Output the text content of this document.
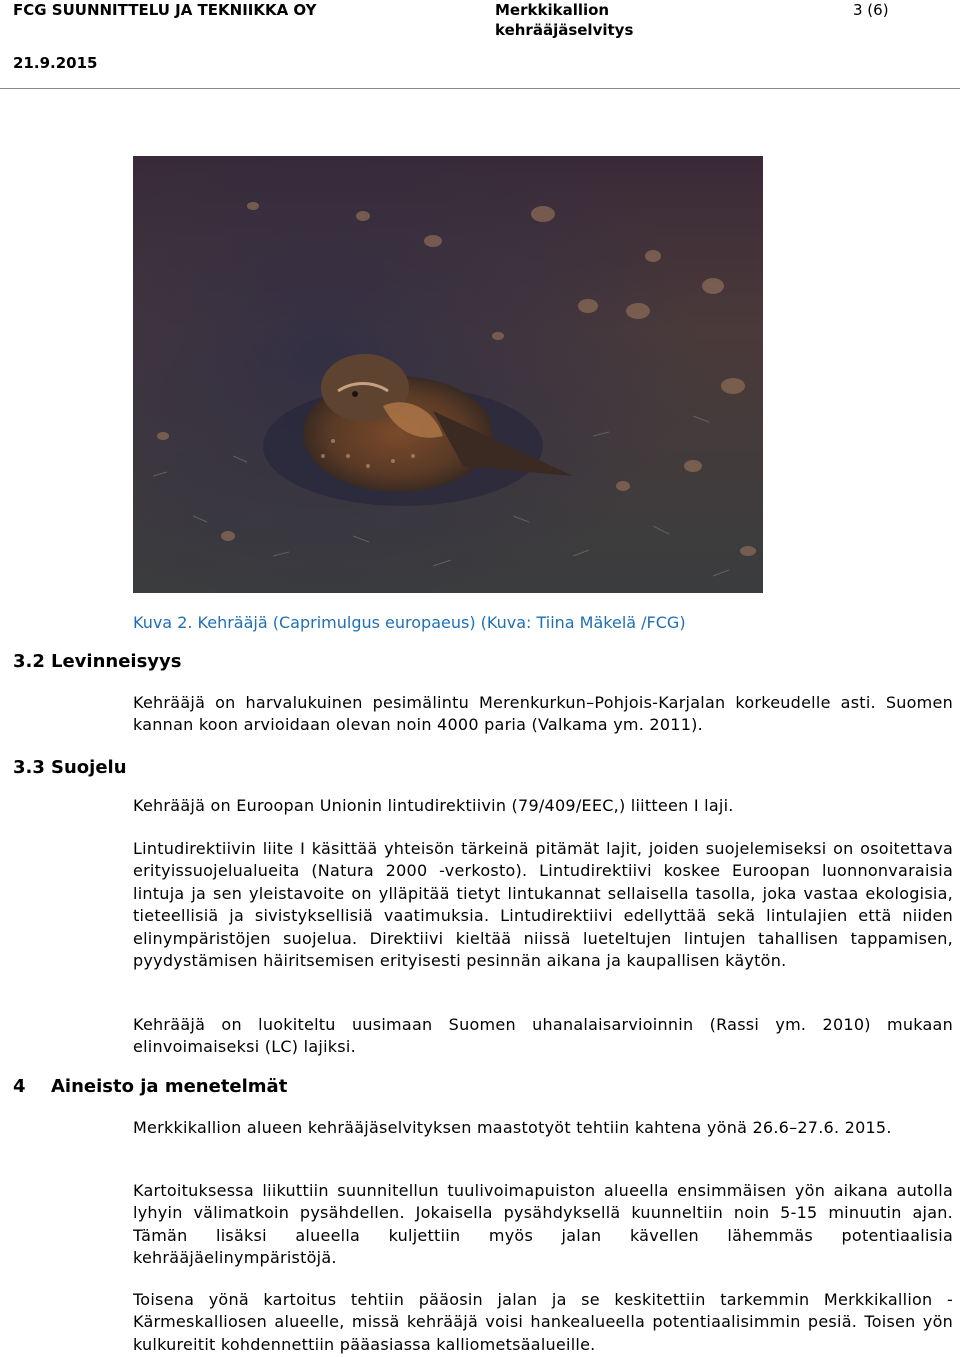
FCG SUUNNITTELU JA TEKNIIKKA OY	Merkkikallion
kehrääjäselvitys
3 (6)
21.9.2015
Kuva 2. Kehrääjä (Caprimulgus europaeus) (Kuva: Tiina Mäkelä /FCG)
3.2 Levinneisyys
Kehrääjä on harvalukuinen pesimälintu Merenkurkun–Pohjois-Karjalan korkeudelle asti. Suomen kannan koon arvioidaan olevan noin 4000 paria (Valkama ym. 2011).
3.3 Suojelu
Kehrääjä on Euroopan Unionin lintudirektiivin (79/409/EEC,) liitteen I laji.
Lintudirektiivin liite I käsittää yhteisön tärkeinä pitämät lajit, joiden suojelemiseksi on osoitettava erityissuojelualueita (Natura 2000 -verkosto). Lintudirektiivi koskee Euroopan luonnonvaraisia lintuja ja sen yleistavoite on ylläpitää tietyt lintukannat sellaisella tasolla, joka vastaa ekologisia, tieteellisiä ja sivistyksellisiä vaatimuksia. Lintudirektiivi edellyttää sekä lintulajien että niiden elinympäristöjen suojelua. Direktiivi kieltää niissä lueteltujen lintujen tahallisen tappamisen, pyydystämisen häiritsemisen erityisesti pesinnän aikana ja kaupallisen käytön.
Kehrääjä on luokiteltu uusimaan Suomen uhanalaisarvioinnin (Rassi ym. 2010) mukaan elinvoimaiseksi (LC) lajiksi.
4 Aineisto ja menetelmät
Merkkikallion alueen kehrääjäselvityksen maastotyöt tehtiin kahtena yönä 26.6–27.6. 2015.
Kartoituksessa liikuttiin suunnitellun tuulivoimapuiston alueella ensimmäisen yön aikana autolla lyhyin välimatkoin pysähdellen. Jokaisella pysähdyksellä kuunneltiin noin 5-15 minuutin ajan. Tämän lisäksi alueella kuljettiin myös jalan kävellen lähemmäs potentiaalisia kehrääjäelinympäristöjä.
Toisena yönä kartoitus tehtiin pääosin jalan ja se keskitettiin tarkemmin Merkkikallion - Kärmeskalliosen alueelle, missä kehrääjä voisi hankealueella potentiaalisimmin pesiä. Toisen yön kulkureitit kohdennettiin pääasiassa kalliometsäalueille.
